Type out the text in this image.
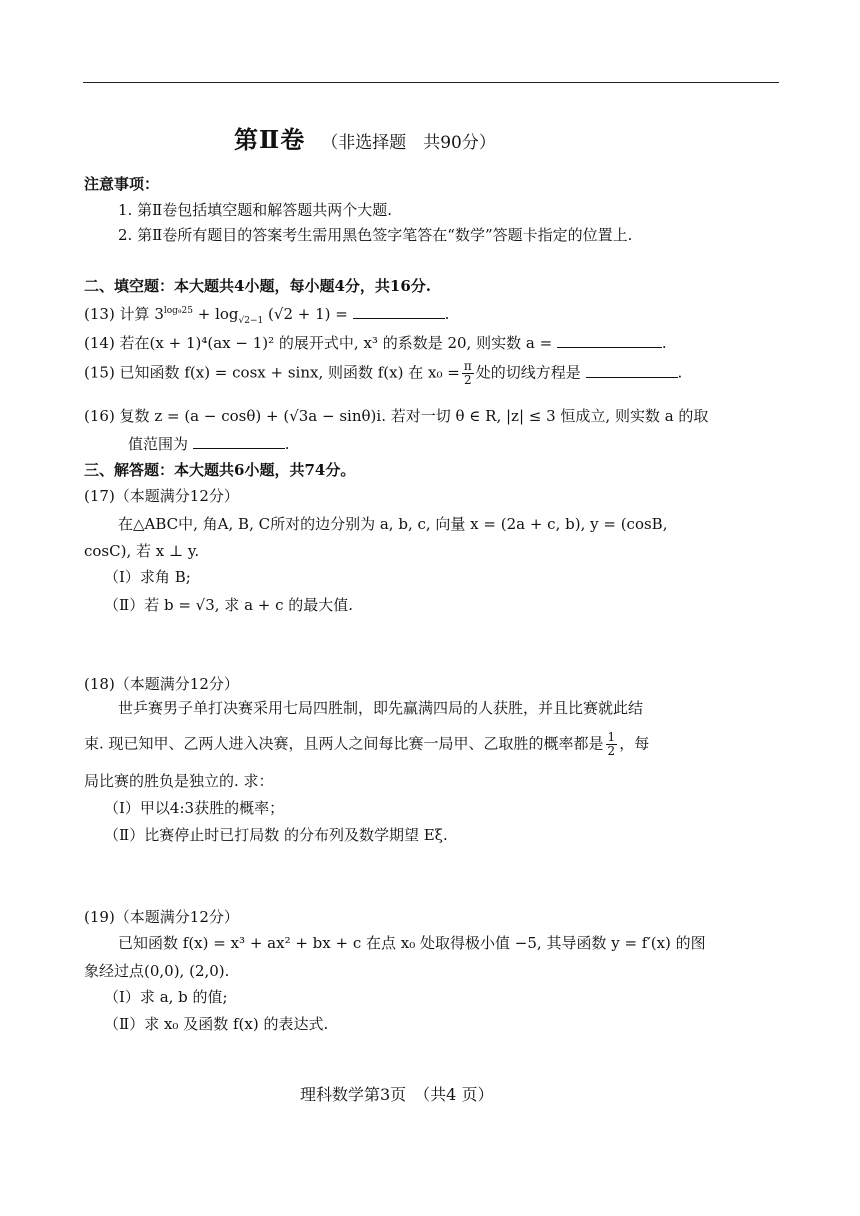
第Ⅱ卷 （非选择题　共90分）
注意事项：
1. 第Ⅱ卷包括填空题和解答题共两个大题.
2. 第Ⅱ卷所有题目的答案考生需用黑色签字笔答在“数学”答题卡指定的位置上.
二、填空题：本大题共4小题，每小题4分，共16分.
(13) 计算 $3^{log_925} + \log_{√2-1} (√2 + 1)$ =	.
(14) 若在(x + 1)⁴(ax − 1)² 的展开式中, x³ 的系数是 20, 则实数 a =	.
(15) 已知函数 f(x) = cosx + sinx, 则函数 f(x) 在 $x_0 = \frac{\pi}{2}$ 处的切线方程是	.
(16) 复数 z = (a − cosθ) + (√3a − sinθ)i. 若对一切 θ ∈ R, |z| ≤ 3 恒成立, 则实数 a 的取
值范围为	.
三、解答题：本大题共6小题，共74分。
(17)（本题满分12分）
在△ABC中, 角A, B, C所对的边分别为 a, b, c, 向量 x = (2a + c, b), y = (cosB,
cosC), 若 x ⊥ y.
（Ⅰ）求角 B;
（Ⅱ）若 b = √3, 求 a + c 的最大值.
(18)（本题满分12分）
世乒赛男子单打决赛采用七局四胜制，即先赢满四局的人获胜，并且比赛就此结
束. 现已知甲、乙两人进入决赛，且两人之间每比赛一局甲、乙取胜的概率都是 $\frac{1}{2}$ ，每
局比赛的胜负是独立的. 求：
（Ⅰ）甲以4:3获胜的概率；
（Ⅱ）比赛停止时已打局数 的分布列及数学期望 Eξ.
(19)（本题满分12分）
已知函数 f(x) = x³ + ax² + bx + c 在点 x₀ 处取得极小值 −5, 其导函数 y = f′(x) 的图
象经过点(0,0), (2,0).
（Ⅰ）求 a, b 的值;
（Ⅱ）求 x₀ 及函数 f(x) 的表达式.
理科数学第3页　（共4 页）
